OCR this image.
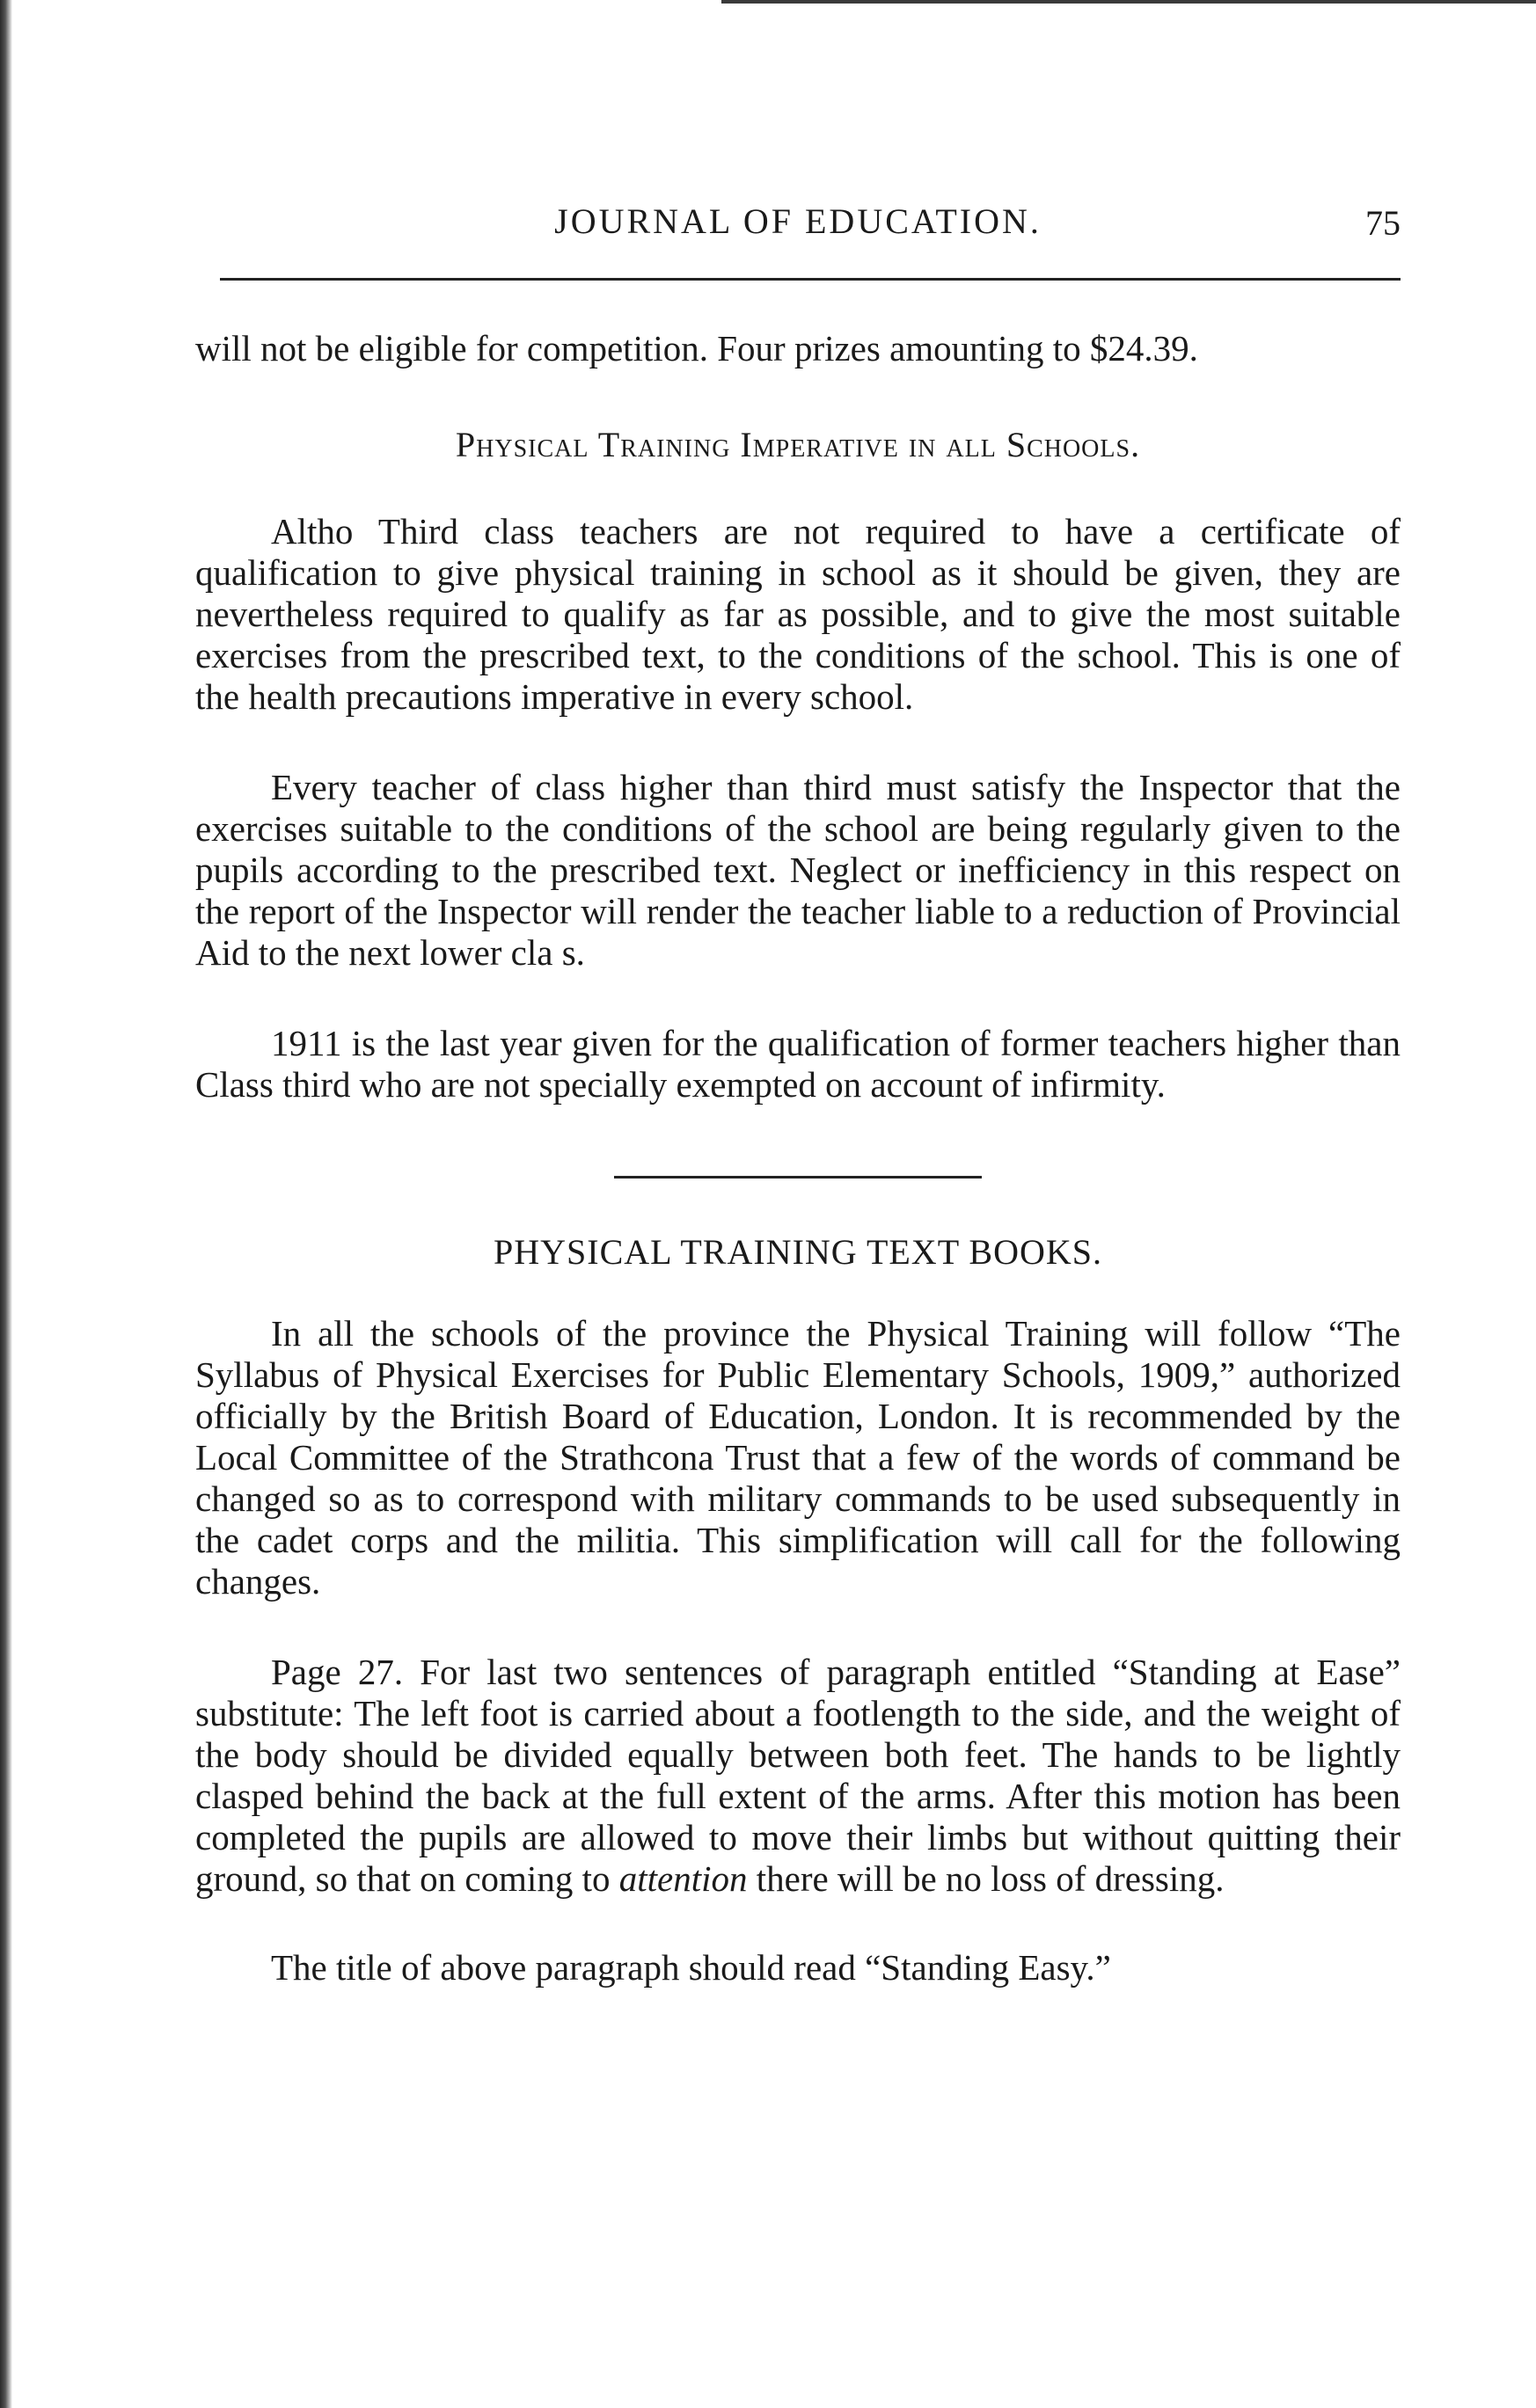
JOURNAL OF EDUCATION.	75

will not be eligible for competition. Four prizes amounting to $24.39.

Physical Training Imperative in all Schools.

Altho Third class teachers are not required to have a certificate of qualification to give physical training in school as it should be given, they are nevertheless required to qualify as far as possible, and to give the most suitable exercises from the prescribed text, to the conditions of the school. This is one of the health precautions imperative in every school.

Every teacher of class higher than third must satisfy the Inspector that the exercises suitable to the conditions of the school are being regularly given to the pupils according to the prescribed text. Neglect or inefficiency in this respect on the report of the Inspector will render the teacher liable to a reduction of Provincial Aid to the next lower cla s.

1911 is the last year given for the qualification of former teachers higher than Class third who are not specially exempted on account of infirmity.

PHYSICAL TRAINING TEXT BOOKS.

In all the schools of the province the Physical Training will follow “The Syllabus of Physical Exercises for Public Elementary Schools, 1909,” authorized officially by the British Board of Education, London. It is recommended by the Local Committee of the Strathcona Trust that a few of the words of command be changed so as to correspond with military commands to be used subsequently in the cadet corps and the militia. This simplification will call for the following changes.

Page 27. For last two sentences of paragraph entitled “Standing at Ease” substitute: The left foot is carried about a footlength to the side, and the weight of the body should be divided equally between both feet. The hands to be lightly clasped behind the back at the full extent of the arms. After this motion has been completed the pupils are allowed to move their limbs but without quitting their ground, so that on coming to attention there will be no loss of dressing.

The title of above paragraph should read “Standing Easy.”
